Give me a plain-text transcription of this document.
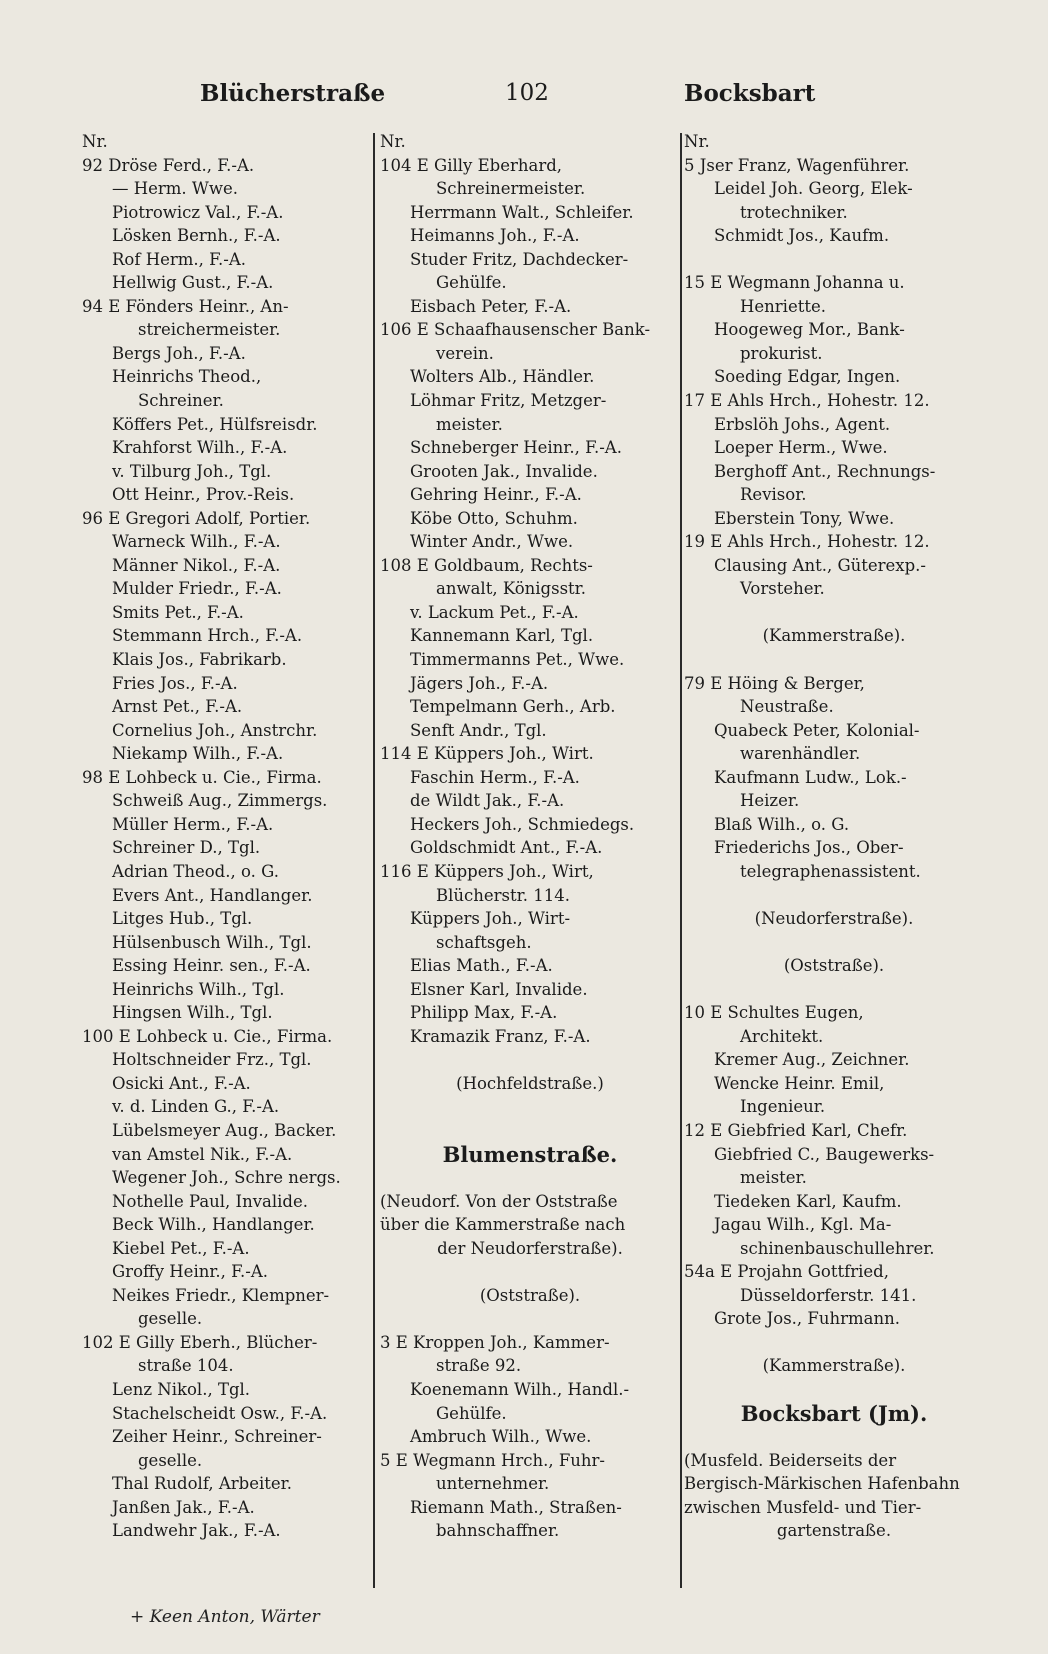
Blücherstraße	102	Bocksbart
Nr.
92 Dröse Ferd., F.-A.
— Herm. Wwe.
Piotrowicz Val., F.-A.
Lösken Bernh., F.-A.
Rof Herm., F.-A.
Hellwig Gust., F.-A.
94 E Fönders Heinr., An-
streichermeister.
Bergs Joh., F.-A.
Heinrichs Theod.,
Schreiner.
Köffers Pet., Hülfsreisdr.
Krahforst Wilh., F.-A.
v. Tilburg Joh., Tgl.
Ott Heinr., Prov.-Reis.
96 E Gregori Adolf, Portier.
Warneck Wilh., F.-A.
Männer Nikol., F.-A.
Mulder Friedr., F.-A.
Smits Pet., F.-A.
Stemmann Hrch., F.-A.
Klais Jos., Fabrikarb.
Fries Jos., F.-A.
Arnst Pet., F.-A.
Cornelius Joh., Anstrchr.
Niekamp Wilh., F.-A.
98 E Lohbeck u. Cie., Firma.
Schweiß Aug., Zimmergs.
Müller Herm., F.-A.
Schreiner D., Tgl.
Adrian Theod., o. G.
Evers Ant., Handlanger.
Litges Hub., Tgl.
Hülsenbusch Wilh., Tgl.
Essing Heinr. sen., F.-A.
Heinrichs Wilh., Tgl.
Hingsen Wilh., Tgl.
100 E Lohbeck u. Cie., Firma.
Holtschneider Frz., Tgl.
Osicki Ant., F.-A.
v. d. Linden G., F.-A.
Lübelsmeyer Aug., Backer.
van Amstel Nik., F.-A.
Wegener Joh., Schre nergs.
Nothelle Paul, Invalide.
Beck Wilh., Handlanger.
Kiebel Pet., F.-A.
Groffy Heinr., F.-A.
Neikes Friedr., Klempner-
geselle.
102 E Gilly Eberh., Blücher-
straße 104.
Lenz Nikol., Tgl.
Stachelscheidt Osw., F.-A.
Zeiher Heinr., Schreiner-
geselle.
Thal Rudolf, Arbeiter.
Janßen Jak., F.-A.
Landwehr Jak., F.-A.
Nr.
104 E Gilly Eberhard,
Schreinermeister.
Herrmann Walt., Schleifer.
Heimanns Joh., F.-A.
Studer Fritz, Dachdecker-
Gehülfe.
Eisbach Peter, F.-A.
106 E Schaafhausenscher Bank-
verein.
Wolters Alb., Händler.
Löhmar Fritz, Metzger-
meister.
Schneberger Heinr., F.-A.
Grooten Jak., Invalide.
Gehring Heinr., F.-A.
Köbe Otto, Schuhm.
Winter Andr., Wwe.
108 E Goldbaum, Rechts-
anwalt, Königsstr.
v. Lackum Pet., F.-A.
Kannemann Karl, Tgl.
Timmermanns Pet., Wwe.
Jägers Joh., F.-A.
Tempelmann Gerh., Arb.
Senft Andr., Tgl.
114 E Küppers Joh., Wirt.
Faschin Herm., F.-A.
de Wildt Jak., F.-A.
Heckers Joh., Schmiedegs.
Goldschmidt Ant., F.-A.
116 E Küppers Joh., Wirt,
Blücherstr. 114.
Küppers Joh., Wirt-
schaftsgeh.
Elias Math., F.-A.
Elsner Karl, Invalide.
Philipp Max, F.-A.
Kramazik Franz, F.-A.
(Hochfeldstraße.)
Blumenstraße.
(Neudorf. Von der Oststraße
über die Kammerstraße nach
der Neudorferstraße).
(Oststraße).
3 E Kroppen Joh., Kammer-
straße 92.
Koenemann Wilh., Handl.-
Gehülfe.
Ambruch Wilh., Wwe.
5 E Wegmann Hrch., Fuhr-
unternehmer.
Riemann Math., Straßen-
bahnschaffner.
Nr.
5 Jser Franz, Wagenführer.
Leidel Joh. Georg, Elek-
trotechniker.
Schmidt Jos., Kaufm.
15 E Wegmann Johanna u.
Henriette.
Hoogeweg Mor., Bank-
prokurist.
Soeding Edgar, Ingen.
17 E Ahls Hrch., Hohestr. 12.
Erbslöh Johs., Agent.
Loeper Herm., Wwe.
Berghoff Ant., Rechnungs-
Revisor.
Eberstein Tony, Wwe.
19 E Ahls Hrch., Hohestr. 12.
Clausing Ant., Güterexp.-
Vorsteher.
(Kammerstraße).
79 E Höing & Berger,
Neustraße.
Quabeck Peter, Kolonial-
warenhändler.
Kaufmann Ludw., Lok.-
Heizer.
Blaß Wilh., o. G.
Friederichs Jos., Ober-
telegraphenassistent.
(Neudorferstraße).
(Oststraße).
10 E Schultes Eugen,
Architekt.
Kremer Aug., Zeichner.
Wencke Heinr. Emil,
Ingenieur.
12 E Giebfried Karl, Chefr.
Giebfried C., Baugewerks-
meister.
Tiedeken Karl, Kaufm.
Jagau Wilh., Kgl. Ma-
schinenbauschullehrer.
54a E Projahn Gottfried,
Düsseldorferstr. 141.
Grote Jos., Fuhrmann.
(Kammerstraße).
Bocksbart (Jm).
(Musfeld. Beiderseits der
Bergisch-Märkischen Hafenbahn
zwischen Musfeld- und Tier-
gartenstraße.
+ Keen Anton, Wärter
